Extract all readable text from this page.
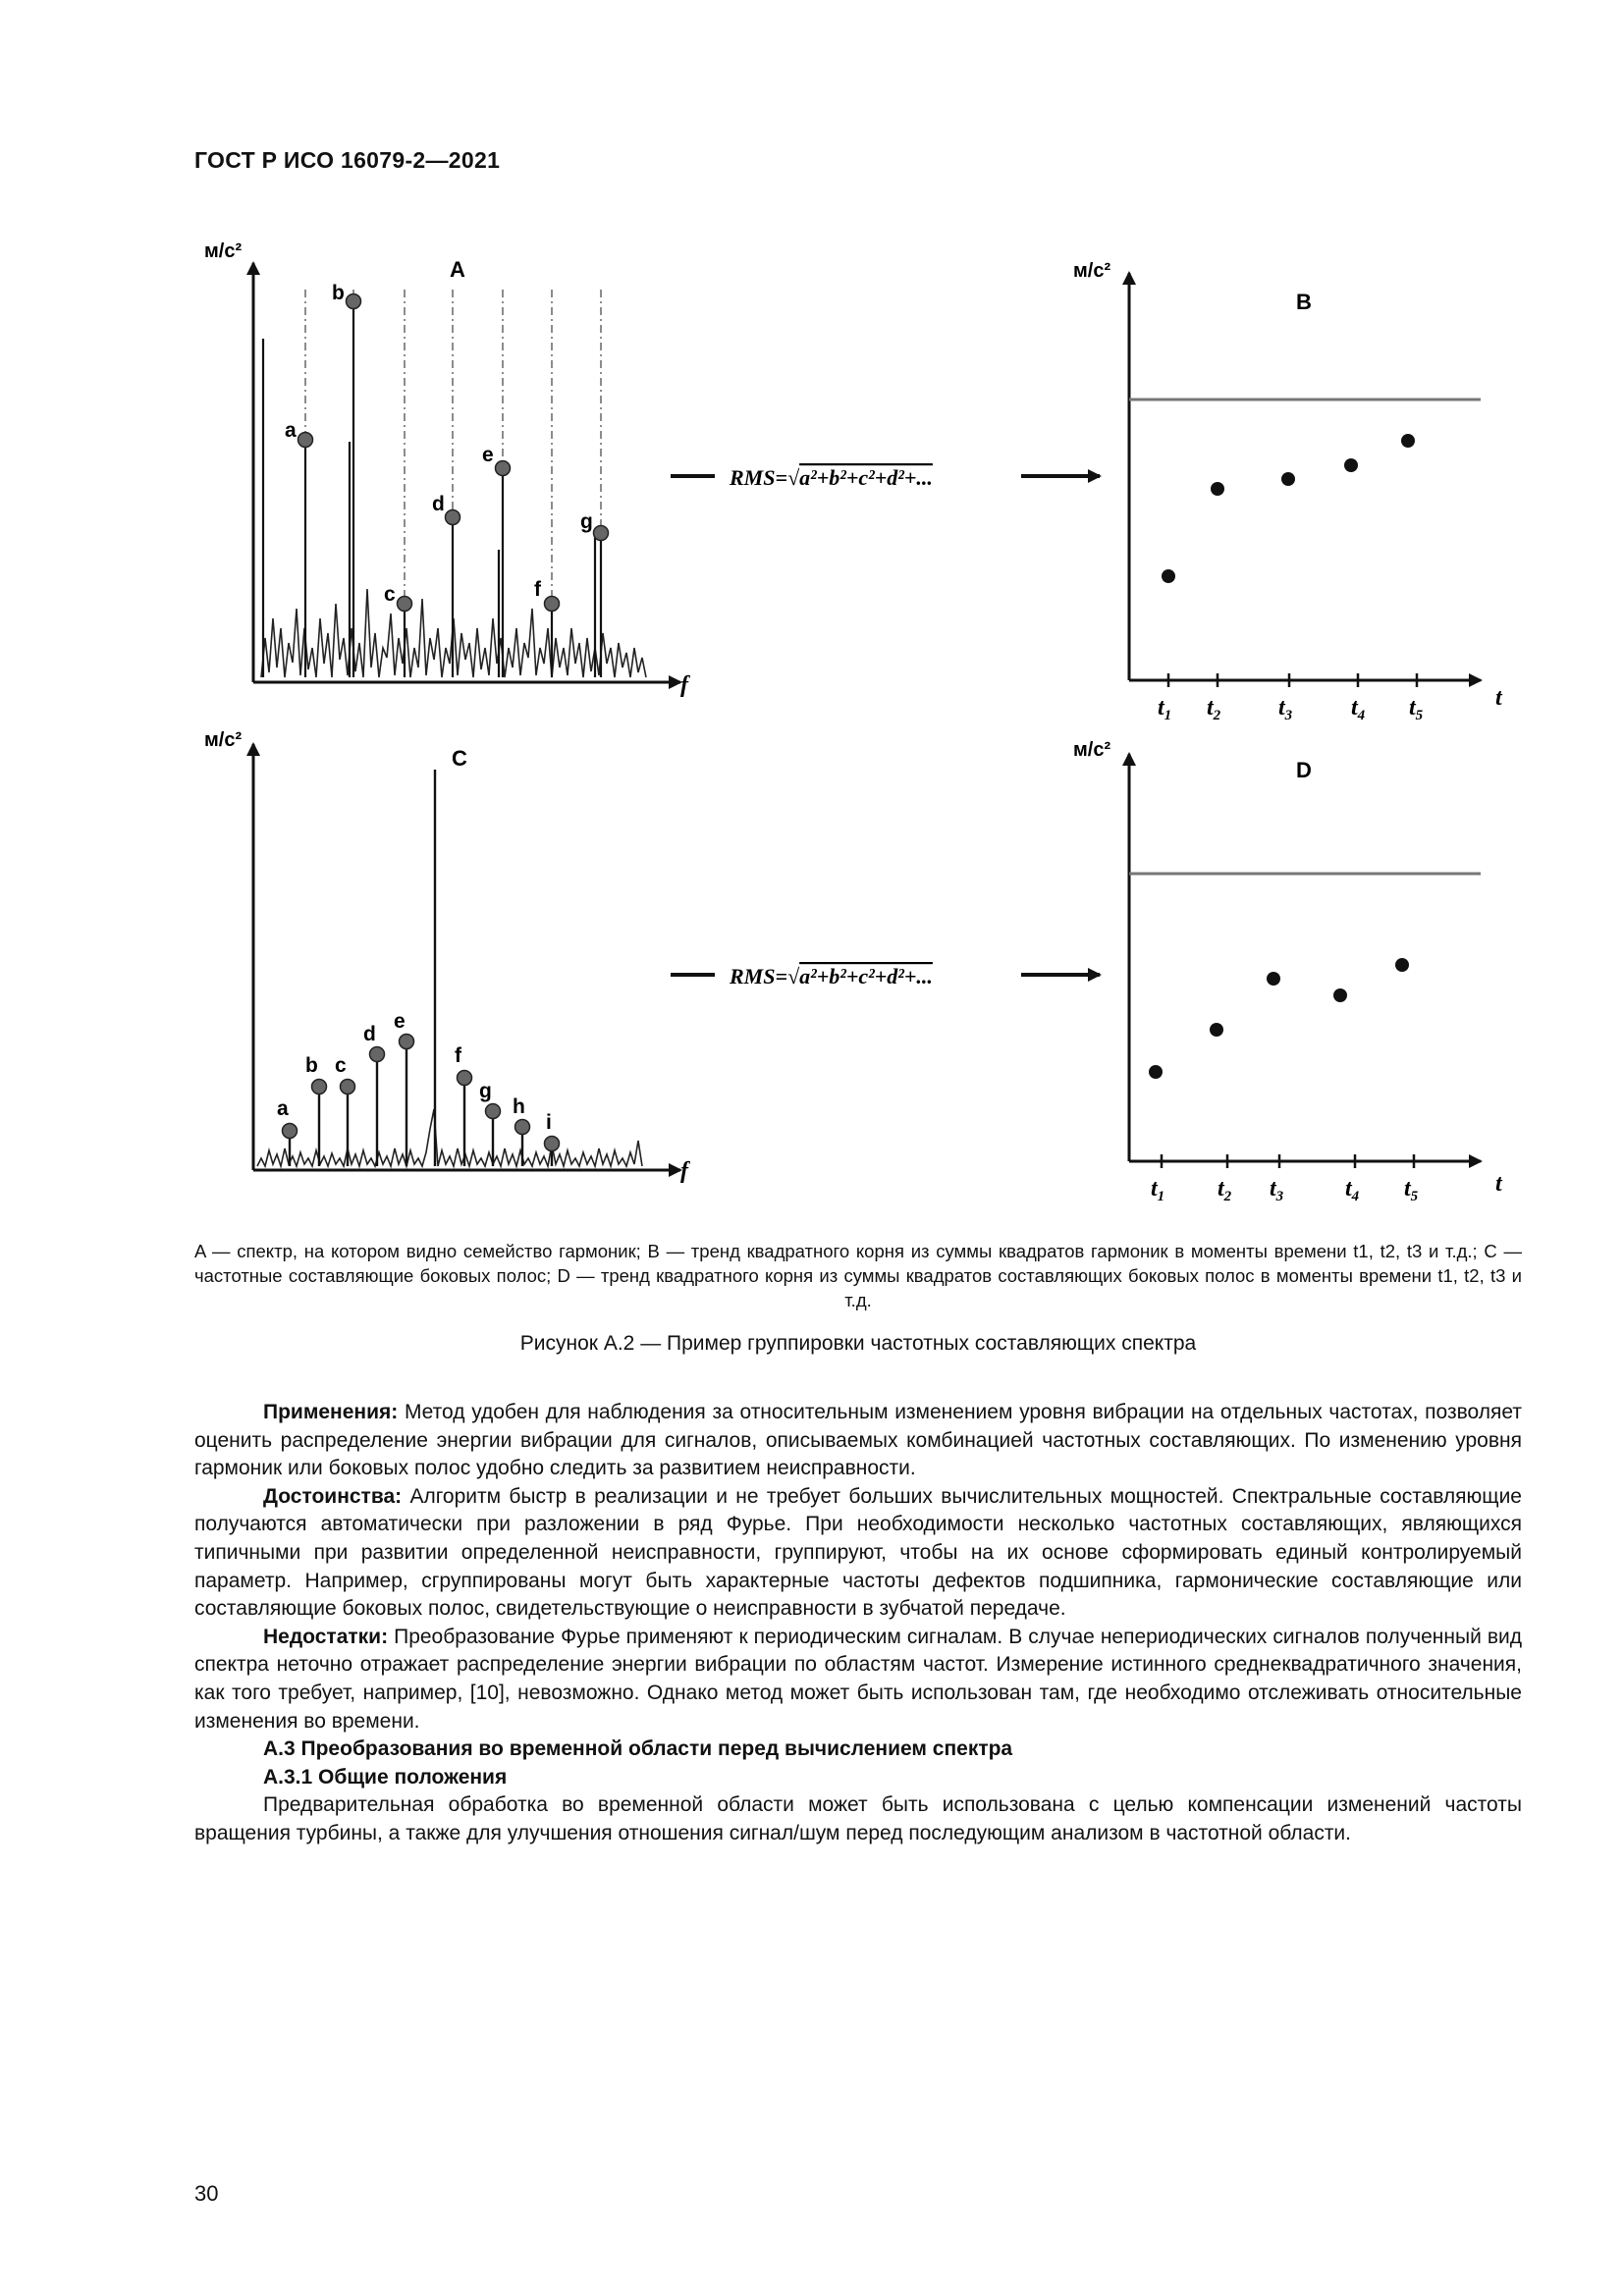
ГОСТ Р ИСО 16079-2—2021
м/с²
f
A
a
b
c
d
e
f
g
RMS=√a²+b²+c²+d²+...
м/с²
t
B
$t_1$ $t_2$ $t_3$ $t_4$ $t_5$
м/с²
f
C
a
b c
d
e
f
g
h
i
RMS=√a²+b²+c²+d²+...
м/с²
t
D
$t_1$ $t_2$ $t_3$	$t_4$ $t_5$
A — спектр, на котором видно семейство гармоник; B — тренд квадратного корня из суммы квадратов гармоник в моменты времени t1, t2, t3 и т.д.; C — частотные составляющие боковых полос; D — тренд квадратного корня из суммы квадратов составляющих боковых полос в моменты времени t1, t2, t3 и т.д.
Рисунок А.2 — Пример группировки частотных составляющих спектра

Применения: Метод удобен для наблюдения за относительным изменением уровня вибрации на отдельных частотах, позволяет оценить распределение энергии вибрации для сигналов, описываемых комбинацией частотных составляющих. По изменению уровня гармоник или боковых полос удобно следить за развитием неисправности.

Достоинства: Алгоритм быстр в реализации и не требует больших вычислительных мощностей. Спектральные составляющие получаются автоматически при разложении в ряд Фурье. При необходимости несколько частотных составляющих, являющихся типичными при развитии определенной неисправности, группируют, чтобы на их основе сформировать единый контролируемый параметр. Например, сгруппированы могут быть характерные частоты дефектов подшипника, гармонические составляющие или составляющие боковых полос, свидетельствующие о неисправности в зубчатой передаче.

Недостатки: Преобразование Фурье применяют к периодическим сигналам. В случае непериодических сигналов полученный вид спектра неточно отражает распределение энергии вибрации по областям частот. Измерение истинного среднеквадратичного значения, как того требует, например, [10], невозможно. Однако метод может быть использован там, где необходимо отслеживать относительные изменения во времени.

А.3 Преобразования во временной области перед вычислением спектра

А.3.1 Общие положения

Предварительная обработка во временной области может быть использована с целью компенсации изменений частоты вращения турбины, а также для улучшения отношения сигнал/шум перед последующим анализом в частотной области.

30
